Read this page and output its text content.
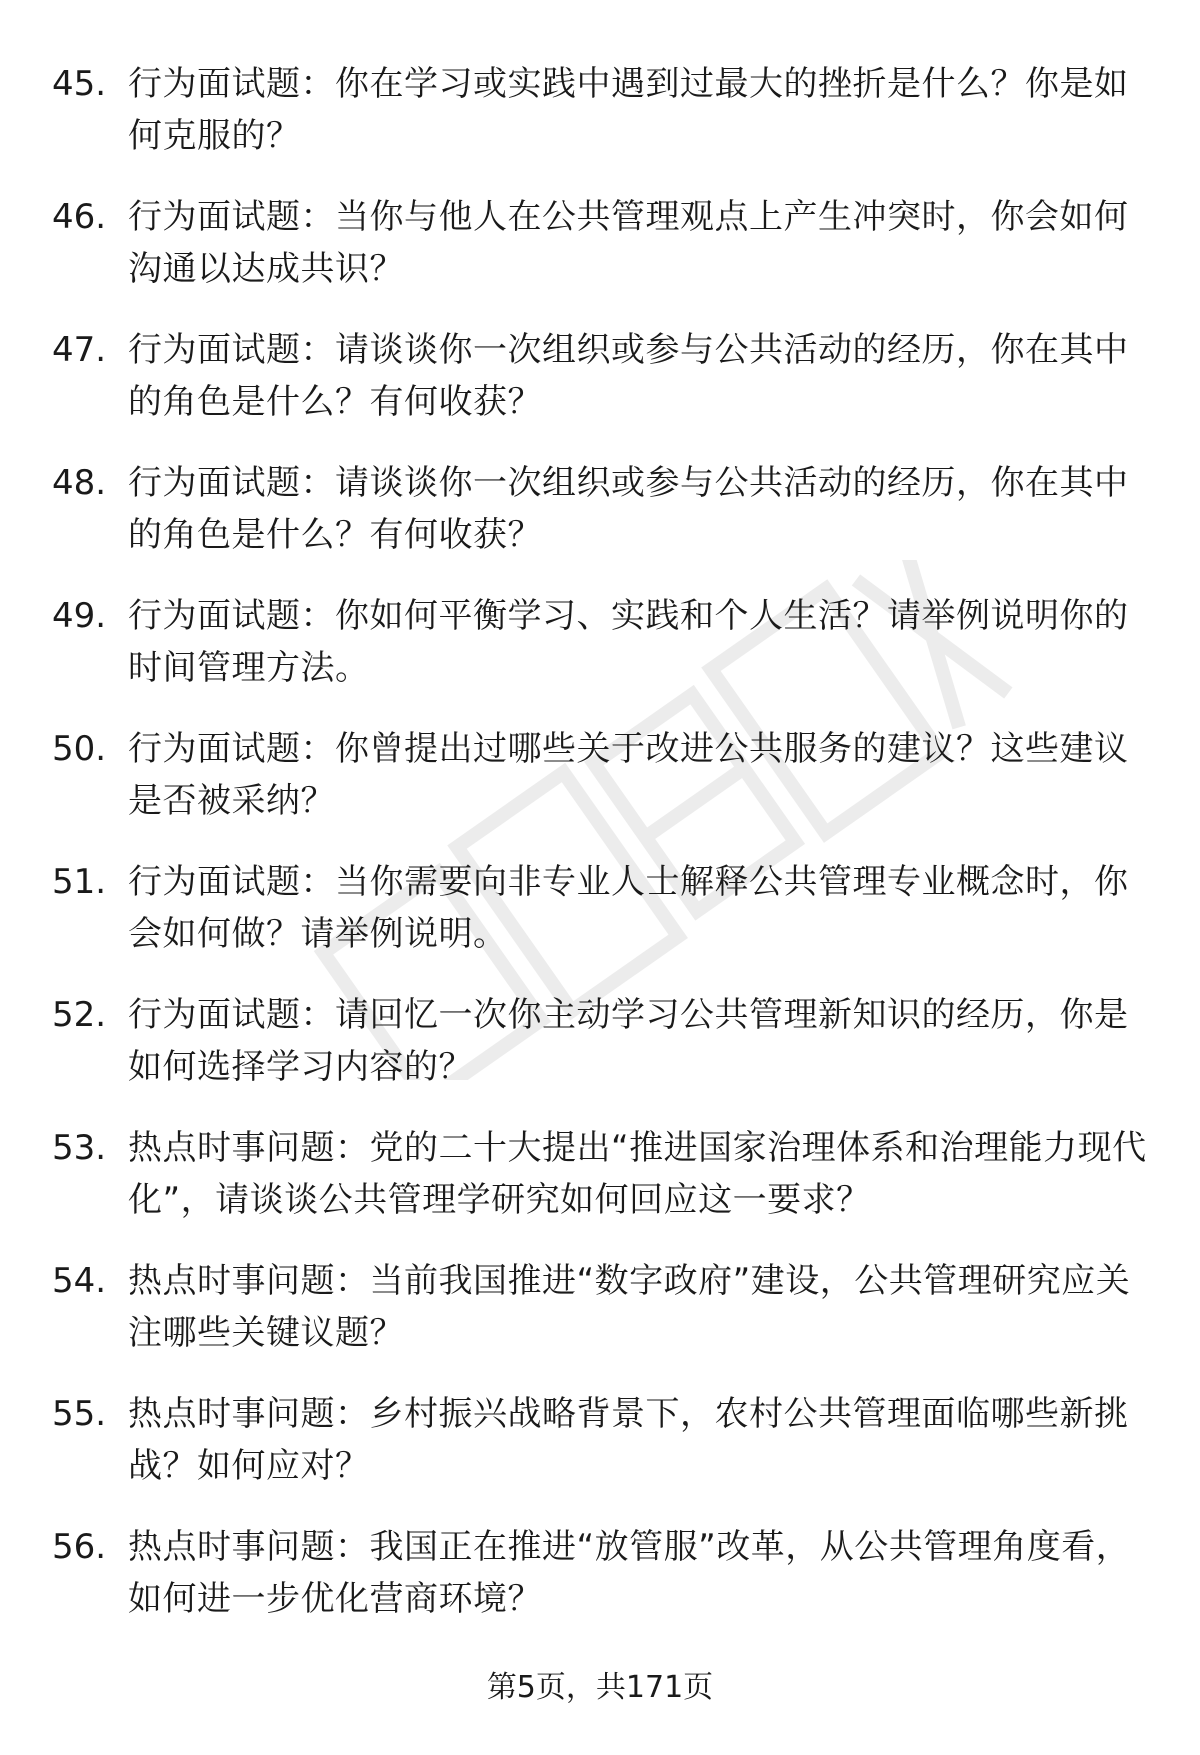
45. 行为面试题：你在学习或实践中遇到过最大的挫折是什么？你是如何克服的？
46. 行为面试题：当你与他人在公共管理观点上产生冲突时，你会如何沟通以达成共识？
47. 行为面试题：请谈谈你一次组织或参与公共活动的经历，你在其中的角色是什么？有何收获？
48. 行为面试题：请谈谈你一次组织或参与公共活动的经历，你在其中的角色是什么？有何收获？
49. 行为面试题：你如何平衡学习、实践和个人生活？请举例说明你的时间管理方法。
50. 行为面试题：你曾提出过哪些关于改进公共服务的建议？这些建议是否被采纳？
51. 行为面试题：当你需要向非专业人士解释公共管理专业概念时，你会如何做？请举例说明。
52. 行为面试题：请回忆一次你主动学习公共管理新知识的经历，你是如何选择学习内容的？
53. 热点时事问题：党的二十大提出“推进国家治理体系和治理能力现代化”，请谈谈公共管理学研究如何回应这一要求？
54. 热点时事问题：当前我国推进“数字政府”建设，公共管理研究应关注哪些关键议题？
55. 热点时事问题：乡村振兴战略背景下，农村公共管理面临哪些新挑战？如何应对？
56. 热点时事问题：我国正在推进“放管服”改革，从公共管理角度看，如何进一步优化营商环境？
第5页，共171页
